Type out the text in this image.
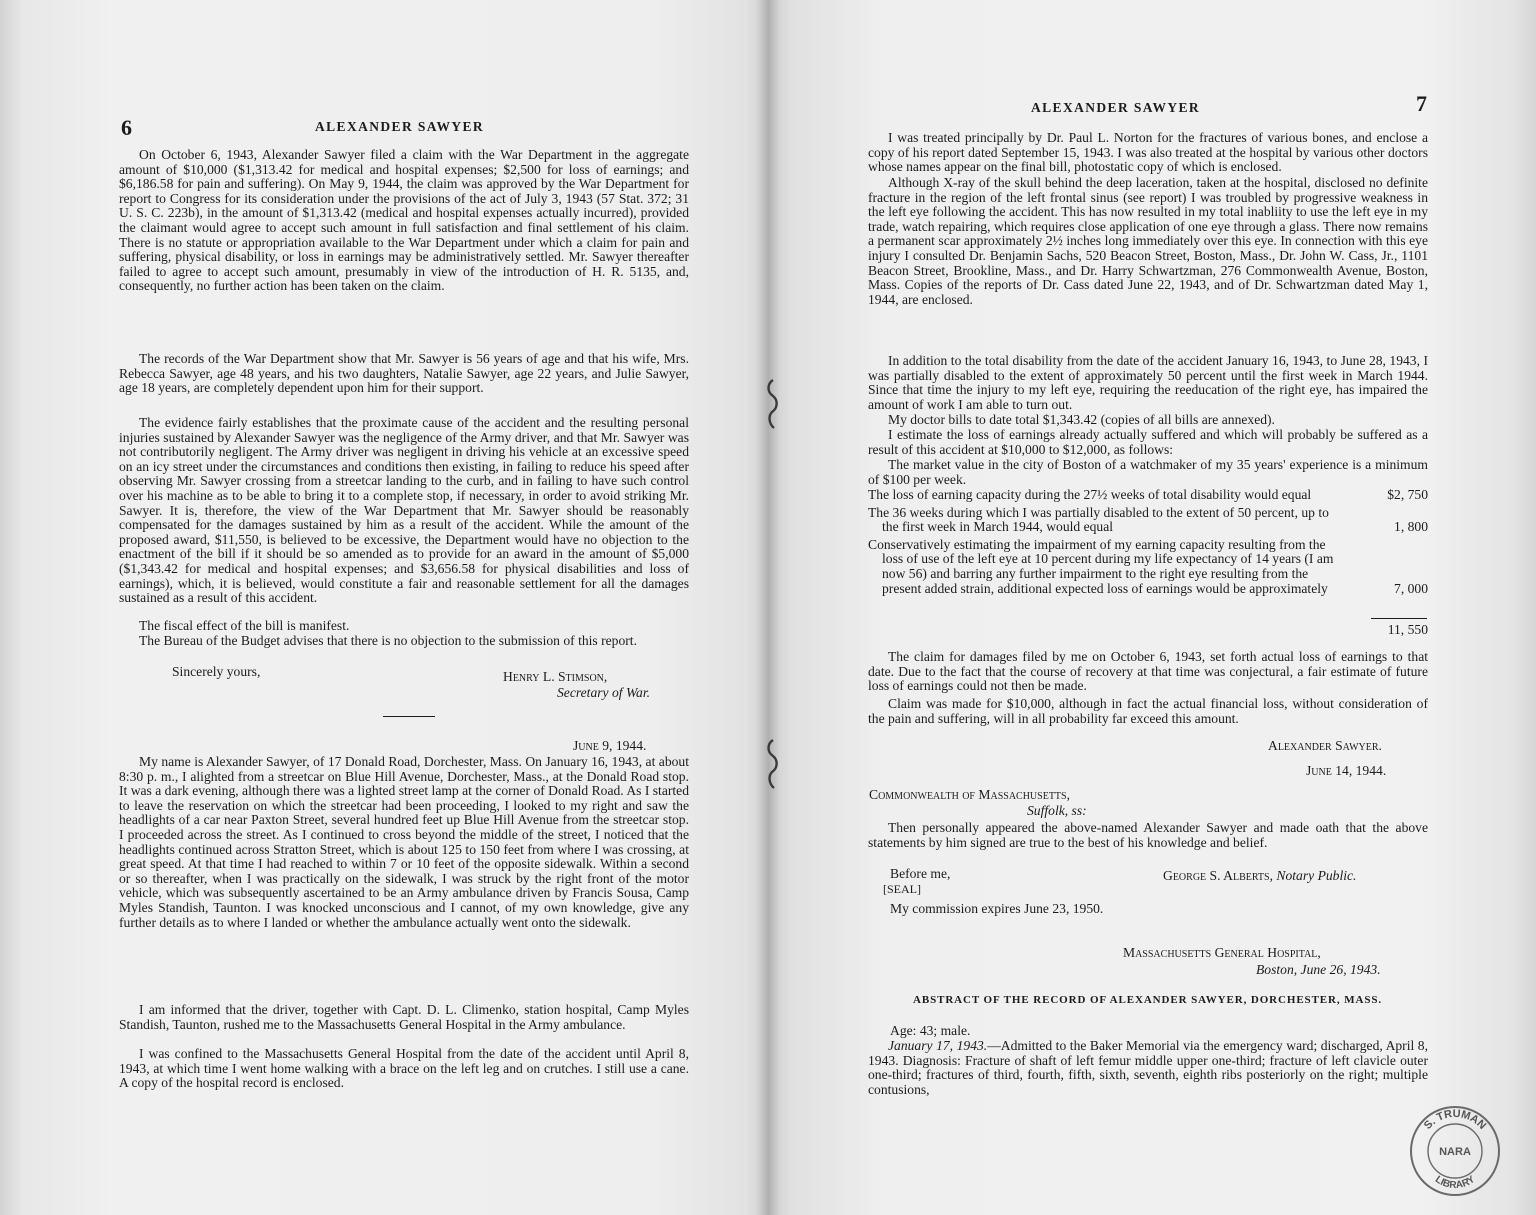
6	ALEXANDER SAWYER

On October 6, 1943, Alexander Sawyer filed a claim with the War Department in the aggregate amount of $10,000 ($1,313.42 for medical and hospital expenses; $2,500 for loss of earnings; and $6,186.58 for pain and suffering). On May 9, 1944, the claim was approved by the War Department for report to Congress for its consideration under the provisions of the act of July 3, 1943 (57 Stat. 372; 31 U. S. C. 223b), in the amount of $1,313.42 (medical and hospital expenses actually incurred), provided the claimant would agree to accept such amount in full satisfaction and final settlement of his claim. There is no statute or appropriation available to the War Department under which a claim for pain and suffering, physical disability, or loss in earnings may be administratively settled. Mr. Sawyer thereafter failed to agree to accept such amount, presumably in view of the introduction of H. R. 5135, and, consequently, no further action has been taken on the claim.

The records of the War Department show that Mr. Sawyer is 56 years of age and that his wife, Mrs. Rebecca Sawyer, age 48 years, and his two daughters, Natalie Sawyer, age 22 years, and Julie Sawyer, age 18 years, are completely dependent upon him for their support.

The evidence fairly establishes that the proximate cause of the accident and the resulting personal injuries sustained by Alexander Sawyer was the negligence of the Army driver, and that Mr. Sawyer was not contributorily negligent. The Army driver was negligent in driving his vehicle at an excessive speed on an icy street under the circumstances and conditions then existing, in failing to reduce his speed after observing Mr. Sawyer crossing from a streetcar landing to the curb, and in failing to have such control over his machine as to be able to bring it to a complete stop, if necessary, in order to avoid striking Mr. Sawyer. It is, therefore, the view of the War Department that Mr. Sawyer should be reasonably compensated for the damages sustained by him as a result of the accident. While the amount of the proposed award, $11,550, is believed to be excessive, the Department would have no objection to the enactment of the bill if it should be so amended as to provide for an award in the amount of $5,000 ($1,343.42 for medical and hospital expenses; and $3,656.58 for physical disabilities and loss of earnings), which, it is believed, would constitute a fair and reasonable settlement for all the damages sustained as a result of this accident.

The fiscal effect of the bill is manifest.

The Bureau of the Budget advises that there is no objection to the submission of this report.

Sincerely yours,	Henry L. Stimson,
Secretary of War.
June 9, 1944.

My name is Alexander Sawyer, of 17 Donald Road, Dorchester, Mass. On January 16, 1943, at about 8:30 p. m., I alighted from a streetcar on Blue Hill Avenue, Dorchester, Mass., at the Donald Road stop. It was a dark evening, although there was a lighted street lamp at the corner of Donald Road. As I started to leave the reservation on which the streetcar had been proceeding, I looked to my right and saw the headlights of a car near Paxton Street, several hundred feet up Blue Hill Avenue from the streetcar stop. I proceeded across the street. As I continued to cross beyond the middle of the street, I noticed that the headlights continued across Stratton Street, which is about 125 to 150 feet from where I was crossing, at great speed. At that time I had reached to within 7 or 10 feet of the opposite sidewalk. Within a second or so thereafter, when I was practically on the sidewalk, I was struck by the right front of the motor vehicle, which was subsequently ascertained to be an Army ambulance driven by Francis Sousa, Camp Myles Standish, Taunton. I was knocked unconscious and I cannot, of my own knowledge, give any further details as to where I landed or whether the ambulance actually went onto the sidewalk.

I am informed that the driver, together with Capt. D. L. Climenko, station hospital, Camp Myles Standish, Taunton, rushed me to the Massachusetts General Hospital in the Army ambulance.

I was confined to the Massachusetts General Hospital from the date of the accident until April 8, 1943, at which time I went home walking with a brace on the left leg and on crutches. I still use a cane. A copy of the hospital record is enclosed.

ALEXANDER SAWYER	7

I was treated principally by Dr. Paul L. Norton for the fractures of various bones, and enclose a copy of his report dated September 15, 1943. I was also treated at the hospital by various other doctors whose names appear on the final bill, photostatic copy of which is enclosed.

Although X-ray of the skull behind the deep laceration, taken at the hospital, disclosed no definite fracture in the region of the left frontal sinus (see report) I was troubled by progressive weakness in the left eye following the accident. This has now resulted in my total inabliity to use the left eye in my trade, watch repairing, which requires close application of one eye through a glass. There now remains a permanent scar approximately 2½ inches long immediately over this eye. In connection with this eye injury I consulted Dr. Benjamin Sachs, 520 Beacon Street, Boston, Mass., Dr. John W. Cass, Jr., 1101 Beacon Street, Brookline, Mass., and Dr. Harry Schwartzman, 276 Commonwealth Avenue, Boston, Mass. Copies of the reports of Dr. Cass dated June 22, 1943, and of Dr. Schwartzman dated May 1, 1944, are enclosed.

In addition to the total disability from the date of the accident January 16, 1943, to June 28, 1943, I was partially disabled to the extent of approximately 50 percent until the first week in March 1944. Since that time the injury to my left eye, requiring the reeducation of the right eye, has impaired the amount of work I am able to turn out.

My doctor bills to date total $1,343.42 (copies of all bills are annexed).

I estimate the loss of earnings already actually suffered and which will probably be suffered as a result of this accident at $10,000 to $12,000, as follows:

The market value in the city of Boston of a watchmaker of my 35 years' experience is a minimum of $100 per week.

The loss of earning capacity during the 27½ weeks of total disability would equal	$2, 750
The 36 weeks during which I was partially disabled to the extent of 50 percent, up to the first week in March 1944, would equal	1, 800
Conservatively estimating the impairment of my earning capacity resulting from the loss of use of the left eye at 10 percent during my life expectancy of 14 years (I am now 56) and barring any further impairment to the right eye resulting from the present added strain, additional expected loss of earnings would be approximately	7, 000
11, 550

The claim for damages filed by me on October 6, 1943, set forth actual loss of earnings to that date. Due to the fact that the course of recovery at that time was conjectural, a fair estimate of future loss of earnings could not then be made.

Claim was made for $10,000, although in fact the actual financial loss, without consideration of the pain and suffering, will in all probability far exceed this amount.

Alexander Sawyer.
June 14, 1944.
Commonwealth of Massachusetts,
Suffolk, ss:

Then personally appeared the above-named Alexander Sawyer and made oath that the above statements by him signed are true to the best of his knowledge and belief.

Before me,
[SEAL]
George S. Alberts, Notary Public.
My commission expires June 23, 1950.
Massachusetts General Hospital,
Boston, June 26, 1943.
ABSTRACT OF THE RECORD OF ALEXANDER SAWYER, DORCHESTER, MASS.
Age: 43; male.

January 17, 1943.—Admitted to the Baker Memorial via the emergency ward; discharged, April 8, 1943. Diagnosis: Fracture of shaft of left femur middle upper one-third; fracture of left clavicle outer one-third; fractures of third, fourth, fifth, sixth, seventh, eighth ribs posteriorly on the right; multiple contusions,

S. TRUMAN
LIBRARY
NARA
